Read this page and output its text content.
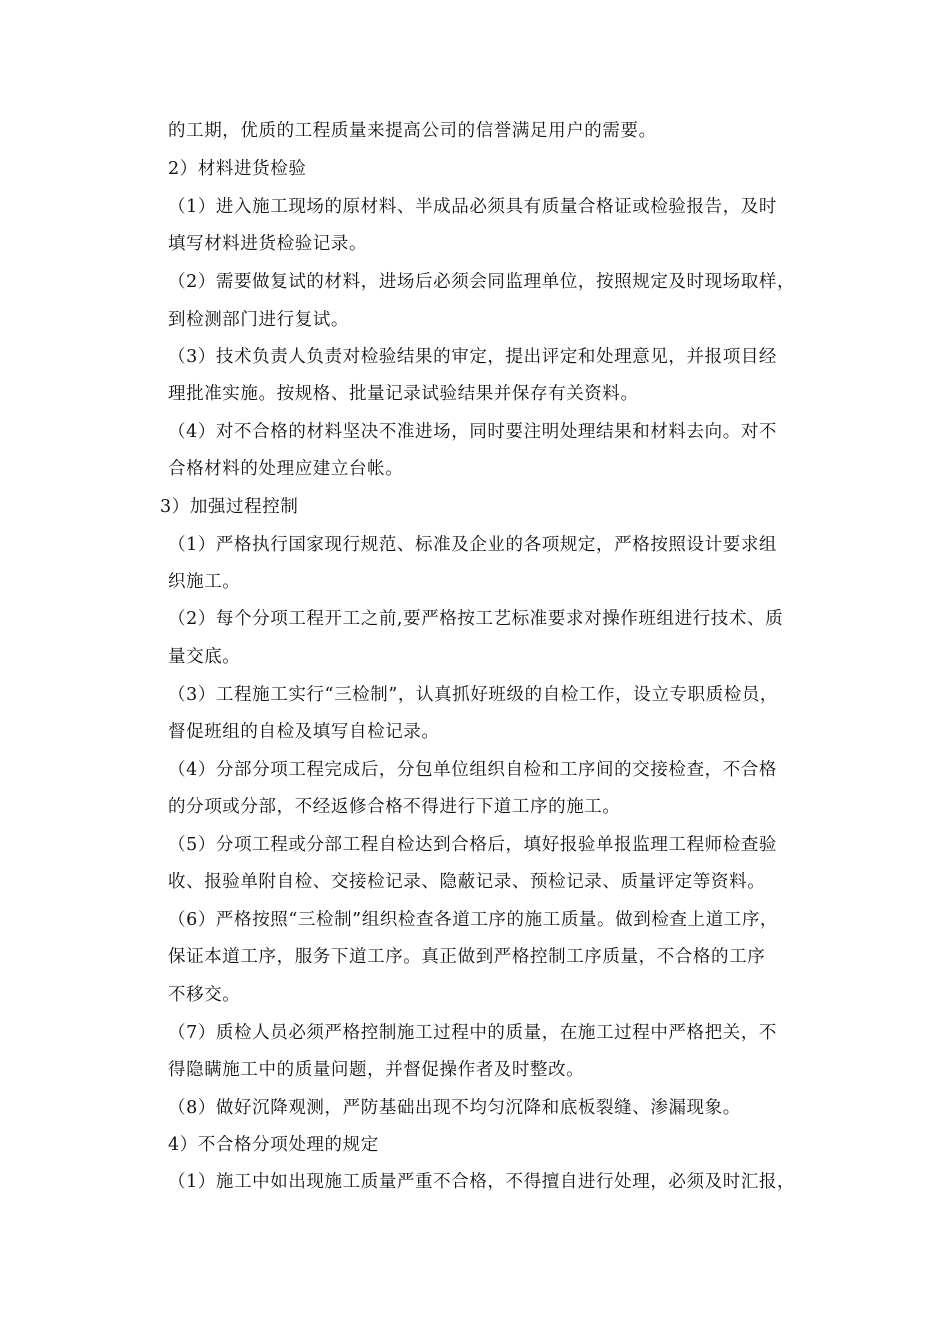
的工期，优质的工程质量来提高公司的信誉满足用户的需要。
2）材料进货检验
（1）进入施工现场的原材料、半成品必须具有质量合格证或检验报告，及时
填写材料进货检验记录。
（2）需要做复试的材料，进场后必须会同监理单位，按照规定及时现场取样，
到检测部门进行复试。
（3）技术负责人负责对检验结果的审定，提出评定和处理意见，并报项目经
理批准实施。按规格、批量记录试验结果并保存有关资料。
（4）对不合格的材料坚决不准进场，同时要注明处理结果和材料去向。对不
合格材料的处理应建立台帐。
3）加强过程控制
（1）严格执行国家现行规范、标准及企业的各项规定，严格按照设计要求组
织施工。
（2）每个分项工程开工之前,要严格按工艺标准要求对操作班组进行技术、质
量交底。
（3）工程施工实行“三检制”，认真抓好班级的自检工作，设立专职质检员，
督促班组的自检及填写自检记录。
（4）分部分项工程完成后，分包单位组织自检和工序间的交接检查，不合格
的分项或分部，不经返修合格不得进行下道工序的施工。
（5）分项工程或分部工程自检达到合格后，填好报验单报监理工程师检查验
收、报验单附自检、交接检记录、隐蔽记录、预检记录、质量评定等资料。
（6）严格按照“三检制”组织检查各道工序的施工质量。做到检查上道工序，
保证本道工序，服务下道工序。真正做到严格控制工序质量，不合格的工序
不移交。
（7）质检人员必须严格控制施工过程中的质量，在施工过程中严格把关，不
得隐瞒施工中的质量问题，并督促操作者及时整改。
（8）做好沉降观测，严防基础出现不均匀沉降和底板裂缝、渗漏现象。
4）不合格分项处理的规定
（1）施工中如出现施工质量严重不合格，不得擅自进行处理，必须及时汇报，
